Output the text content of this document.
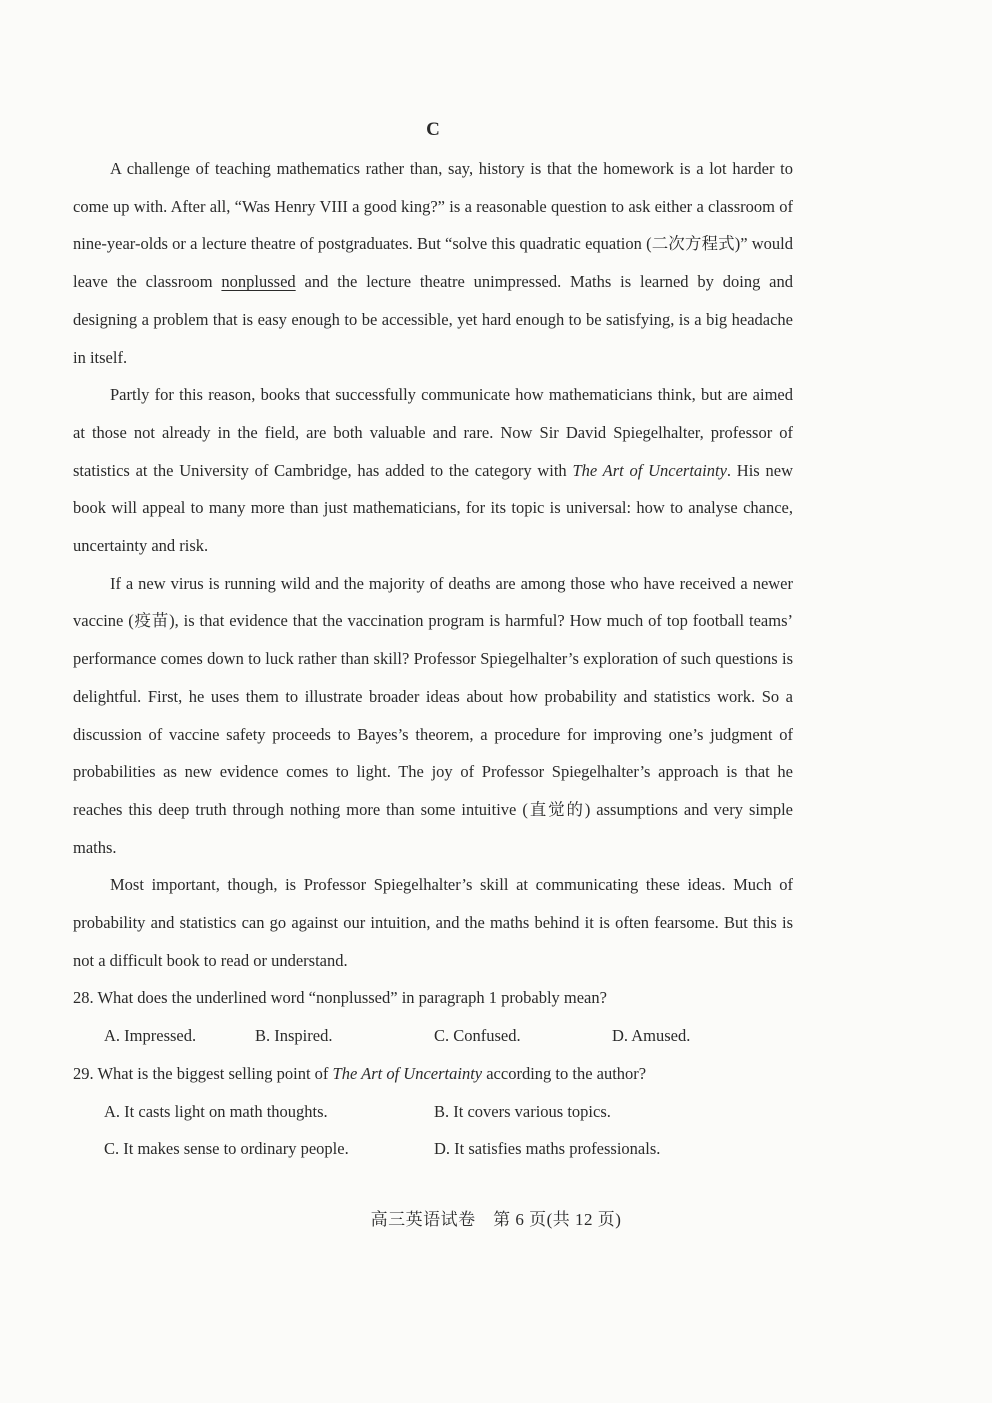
C

A challenge of teaching mathematics rather than, say, history is that the homework is a lot harder to come up with. After all, “Was Henry VIII a good king?” is a reasonable question to ask either a classroom of nine-year-olds or a lecture theatre of postgraduates. But “solve this quadratic equation (二次方程式)” would leave the classroom nonplussed and the lecture theatre unimpressed. Maths is learned by doing and designing a problem that is easy enough to be accessible, yet hard enough to be satisfying, is a big headache in itself.

Partly for this reason, books that successfully communicate how mathematicians think, but are aimed at those not already in the field, are both valuable and rare. Now Sir David Spiegelhalter, professor of statistics at the University of Cambridge, has added to the category with The Art of Uncertainty. His new book will appeal to many more than just mathematicians, for its topic is universal: how to analyse chance, uncertainty and risk.

If a new virus is running wild and the majority of deaths are among those who have received a newer vaccine (疫苗), is that evidence that the vaccination program is harmful? How much of top football teams’ performance comes down to luck rather than skill? Professor Spiegelhalter’s exploration of such questions is delightful. First, he uses them to illustrate broader ideas about how probability and statistics work. So a discussion of vaccine safety proceeds to Bayes’s theorem, a procedure for improving one’s judgment of probabilities as new evidence comes to light. The joy of Professor Spiegelhalter’s approach is that he reaches this deep truth through nothing more than some intuitive (直觉的) assumptions and very simple maths.

Most important, though, is Professor Spiegelhalter’s skill at communicating these ideas. Much of probability and statistics can go against our intuition, and the maths behind it is often fearsome. But this is not a difficult book to read or understand.

28. What does the underlined word “nonplussed” in paragraph 1 probably mean?

A. Impressed.	B. Inspired.	C. Confused.	D. Amused.

29. What is the biggest selling point of The Art of Uncertainty according to the author?

A. It casts light on math thoughts.	B. It covers various topics.
C. It makes sense to ordinary people.	D. It satisfies maths professionals.
高三英语试卷　第 6 页(共 12 页)
